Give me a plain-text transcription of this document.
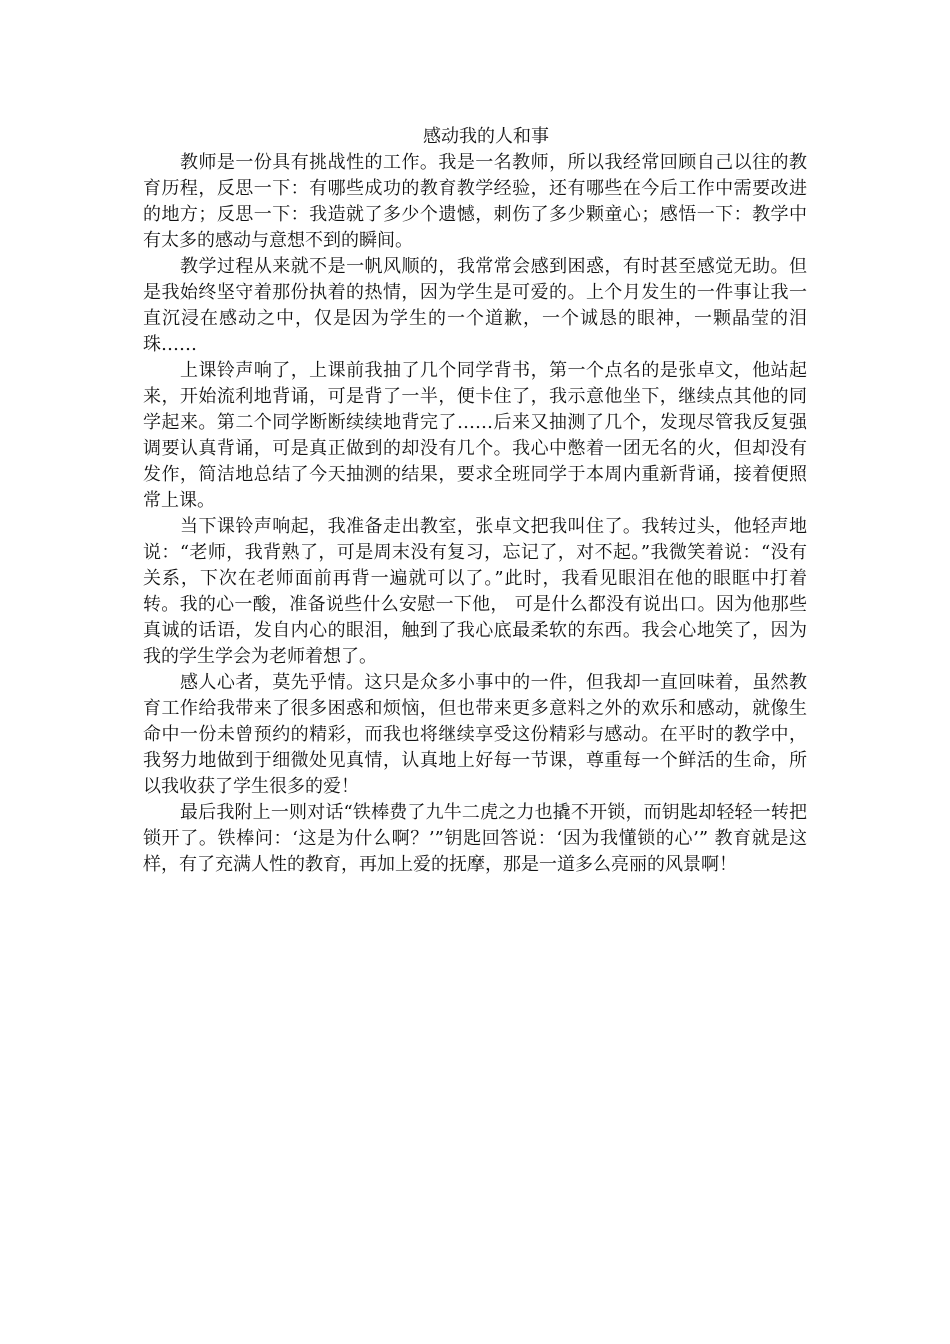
感动我的人和事

教师是一份具有挑战性的工作。我是一名教师，所以我经常回顾自己以往的教育历程，反思一下：有哪些成功的教育教学经验，还有哪些在今后工作中需要改进的地方；反思一下：我造就了多少个遗憾，刺伤了多少颗童心；感悟一下：教学中有太多的感动与意想不到的瞬间。

教学过程从来就不是一帆风顺的，我常常会感到困惑，有时甚至感觉无助。但是我始终坚守着那份执着的热情，因为学生是可爱的。上个月发生的一件事让我一直沉浸在感动之中，仅是因为学生的一个道歉，一个诚恳的眼神，一颗晶莹的泪珠……

上课铃声响了，上课前我抽了几个同学背书，第一个点名的是张卓文，他站起来，开始流利地背诵，可是背了一半，便卡住了，我示意他坐下，继续点其他的同学起来。第二个同学断断续续地背完了……后来又抽测了几个，发现尽管我反复强调要认真背诵，可是真正做到的却没有几个。我心中憋着一团无名的火，但却没有发作，简洁地总结了今天抽测的结果，要求全班同学于本周内重新背诵，接着便照常上课。

当下课铃声响起，我准备走出教室，张卓文把我叫住了。我转过头，他轻声地说：“老师，我背熟了，可是周末没有复习，忘记了，对不起。”我微笑着说：“没有关系，下次在老师面前再背一遍就可以了。”此时，我看见眼泪在他的眼眶中打着转。我的心一酸，准备说些什么安慰一下他， 可是什么都没有说出口。因为他那些真诚的话语，发自内心的眼泪，触到了我心底最柔软的东西。我会心地笑了，因为我的学生学会为老师着想了。

感人心者，莫先乎情。这只是众多小事中的一件，但我却一直回味着，虽然教育工作给我带来了很多困惑和烦恼，但也带来更多意料之外的欢乐和感动，就像生命中一份未曾预约的精彩，而我也将继续享受这份精彩与感动。在平时的教学中，我努力地做到于细微处见真情，认真地上好每一节课，尊重每一个鲜活的生命，所以我收获了学生很多的爱！

最后我附上一则对话“铁棒费了九牛二虎之力也撬不开锁，而钥匙却轻轻一转把锁开了。铁棒问：‘这是为什么啊？’”钥匙回答说：‘因为我懂锁的心’” 教育就是这样，有了充满人性的教育，再加上爱的抚摩，那是一道多么亮丽的风景啊！
